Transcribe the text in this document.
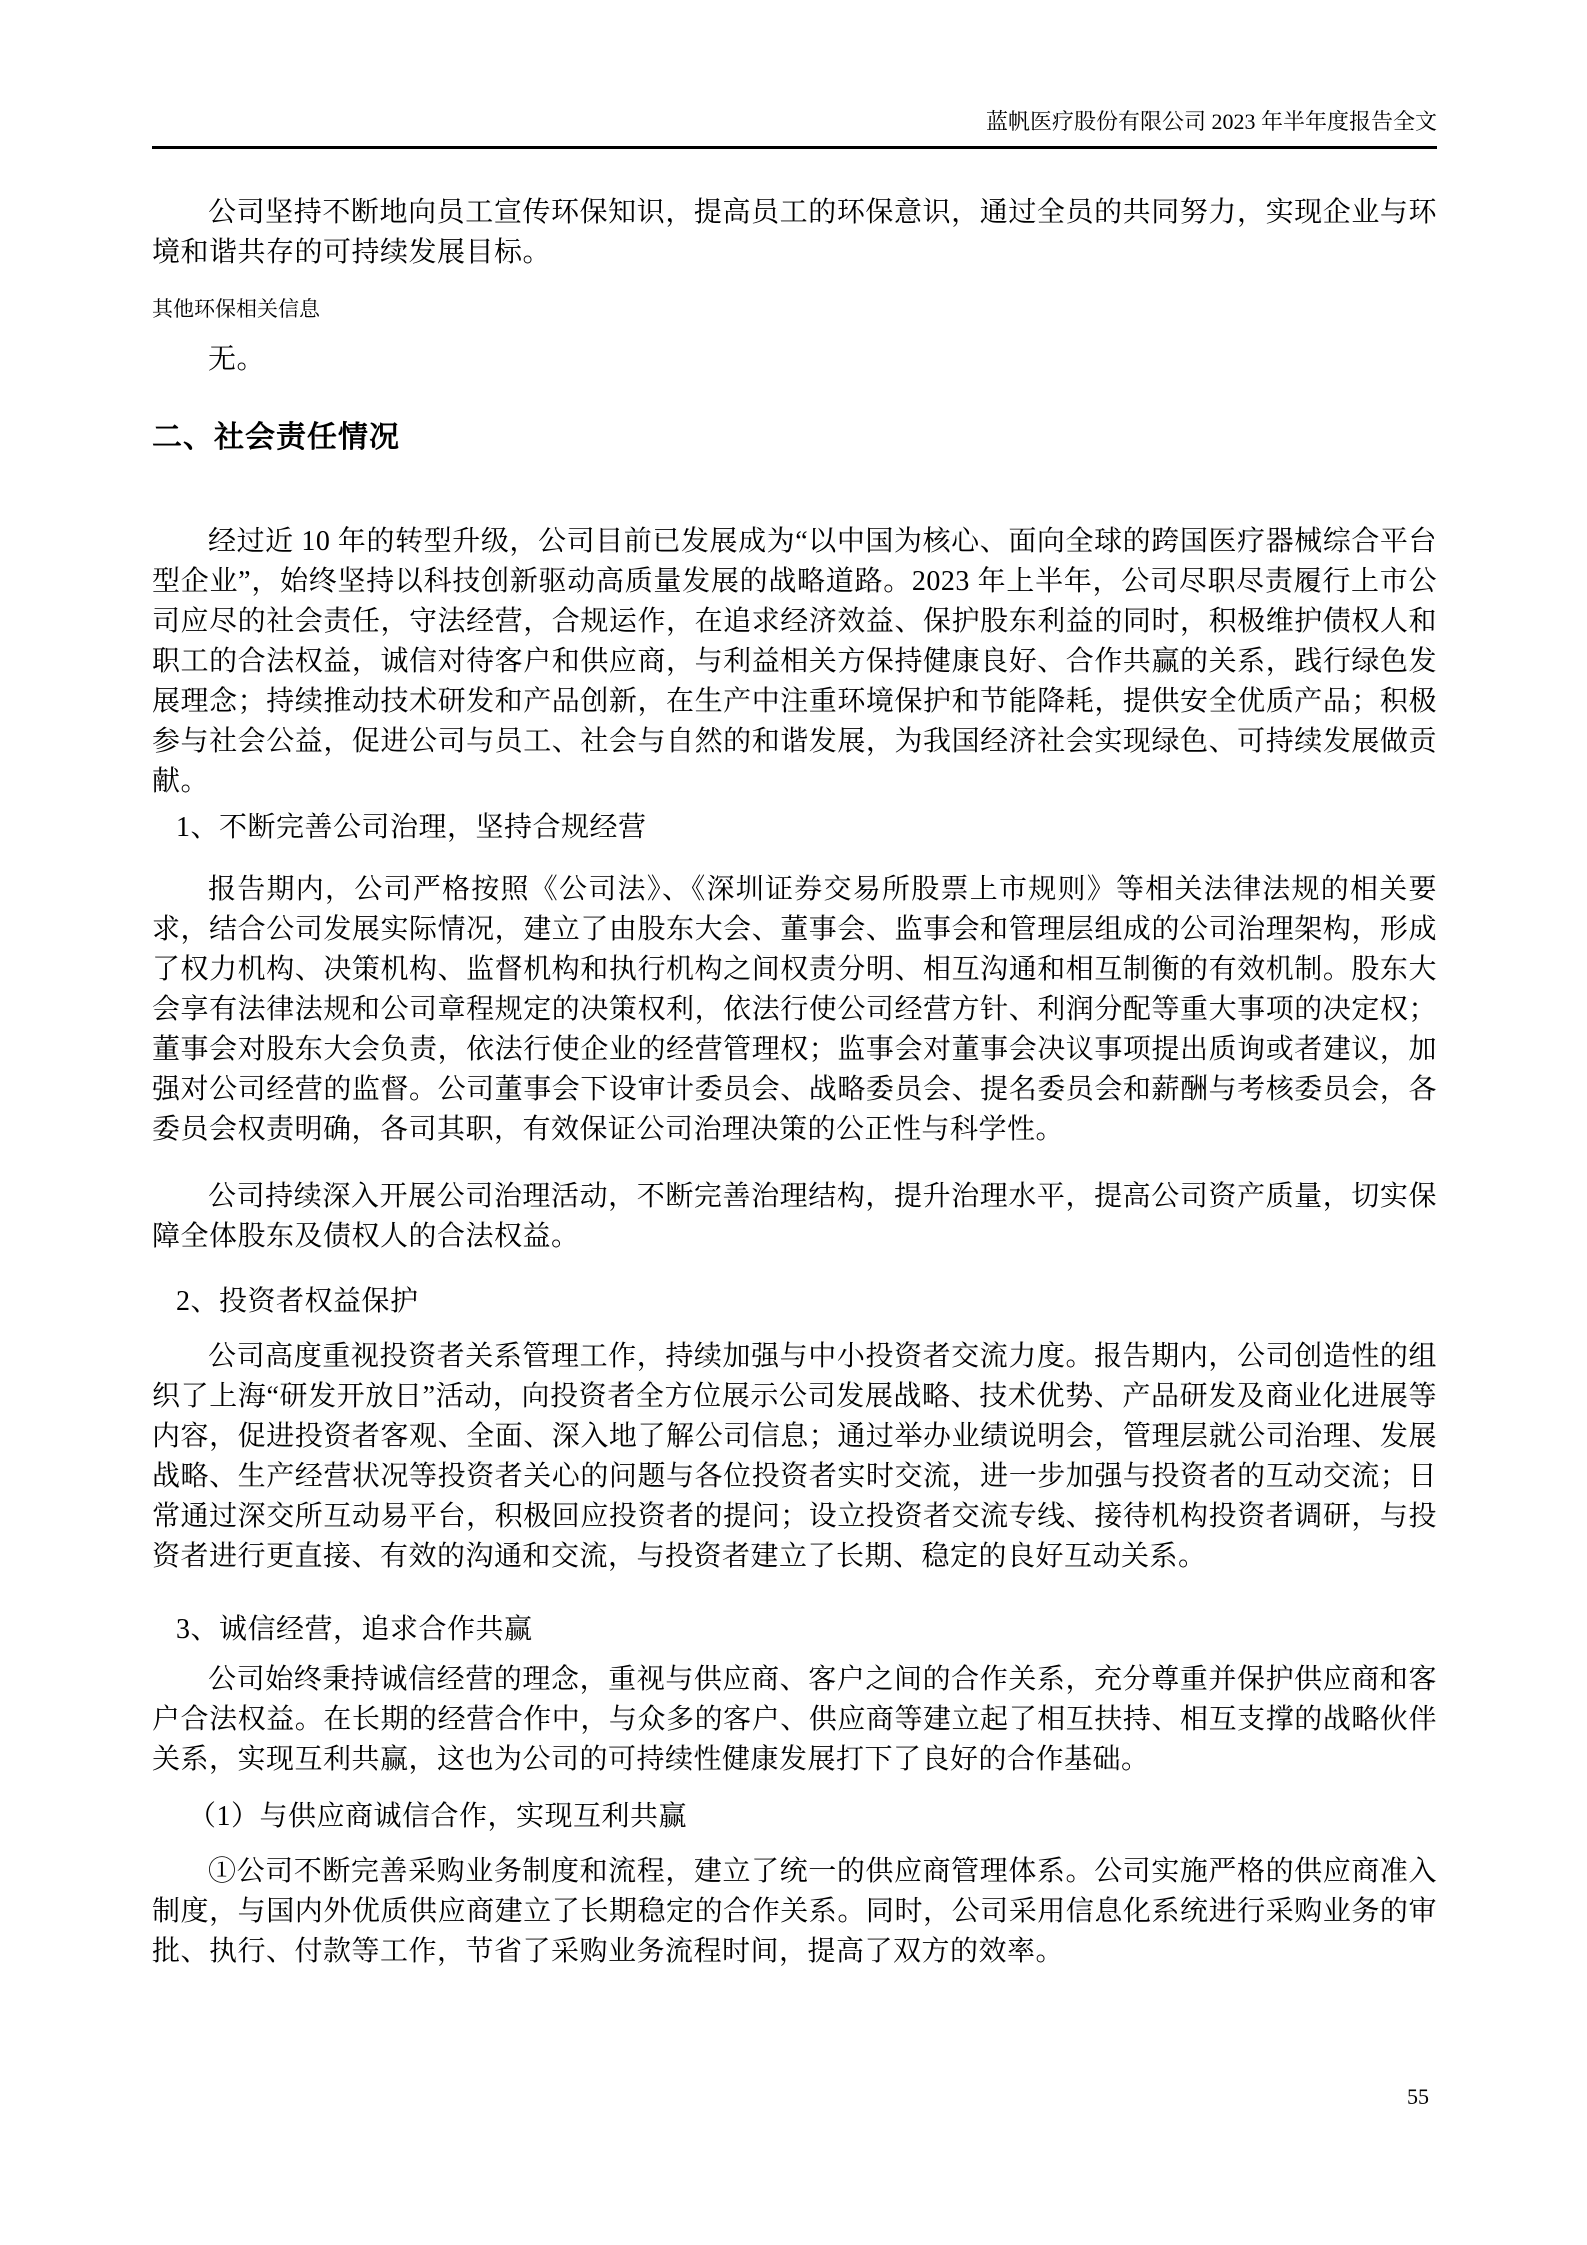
蓝帆医疗股份有限公司 2023 年半年度报告全文

公司坚持不断地向员工宣传环保知识，提高员工的环保意识，通过全员的共同努力，实现企业与环境和谐共存的可持续发展目标。

其他环保相关信息

无。

二、社会责任情况

经过近 10 年的转型升级，公司目前已发展成为“以中国为核心、面向全球的跨国医疗器械综合平台型企业”，始终坚持以科技创新驱动高质量发展的战略道路。2023 年上半年，公司尽职尽责履行上市公司应尽的社会责任，守法经营，合规运作，在追求经济效益、保护股东利益的同时，积极维护债权人和职工的合法权益，诚信对待客户和供应商，与利益相关方保持健康良好、合作共赢的关系，践行绿色发展理念；持续推动技术研发和产品创新，在生产中注重环境保护和节能降耗，提供安全优质产品；积极参与社会公益，促进公司与员工、社会与自然的和谐发展，为我国经济社会实现绿色、可持续发展做贡献。

1、不断完善公司治理，坚持合规经营

报告期内，公司严格按照《公司法》、《深圳证券交易所股票上市规则》等相关法律法规的相关要求，结合公司发展实际情况，建立了由股东大会、董事会、监事会和管理层组成的公司治理架构，形成了权力机构、决策机构、监督机构和执行机构之间权责分明、相互沟通和相互制衡的有效机制。股东大会享有法律法规和公司章程规定的决策权利，依法行使公司经营方针、利润分配等重大事项的决定权；董事会对股东大会负责，依法行使企业的经营管理权；监事会对董事会决议事项提出质询或者建议，加强对公司经营的监督。公司董事会下设审计委员会、战略委员会、提名委员会和薪酬与考核委员会，各委员会权责明确，各司其职，有效保证公司治理决策的公正性与科学性。

公司持续深入开展公司治理活动，不断完善治理结构，提升治理水平，提高公司资产质量，切实保障全体股东及债权人的合法权益。

2、投资者权益保护

公司高度重视投资者关系管理工作，持续加强与中小投资者交流力度。报告期内，公司创造性的组织了上海“研发开放日”活动，向投资者全方位展示公司发展战略、技术优势、产品研发及商业化进展等内容，促进投资者客观、全面、深入地了解公司信息；通过举办业绩说明会，管理层就公司治理、发展战略、生产经营状况等投资者关心的问题与各位投资者实时交流，进一步加强与投资者的互动交流；日常通过深交所互动易平台，积极回应投资者的提问；设立投资者交流专线、接待机构投资者调研，与投资者进行更直接、有效的沟通和交流，与投资者建立了长期、稳定的良好互动关系。

3、诚信经营，追求合作共赢

公司始终秉持诚信经营的理念，重视与供应商、客户之间的合作关系，充分尊重并保护供应商和客户合法权益。在长期的经营合作中，与众多的客户、供应商等建立起了相互扶持、相互支撑的战略伙伴关系，实现互利共赢，这也为公司的可持续性健康发展打下了良好的合作基础。

（1）与供应商诚信合作，实现互利共赢

①公司不断完善采购业务制度和流程，建立了统一的供应商管理体系。公司实施严格的供应商准入制度，与国内外优质供应商建立了长期稳定的合作关系。同时，公司采用信息化系统进行采购业务的审批、执行、付款等工作，节省了采购业务流程时间，提高了双方的效率。

55
